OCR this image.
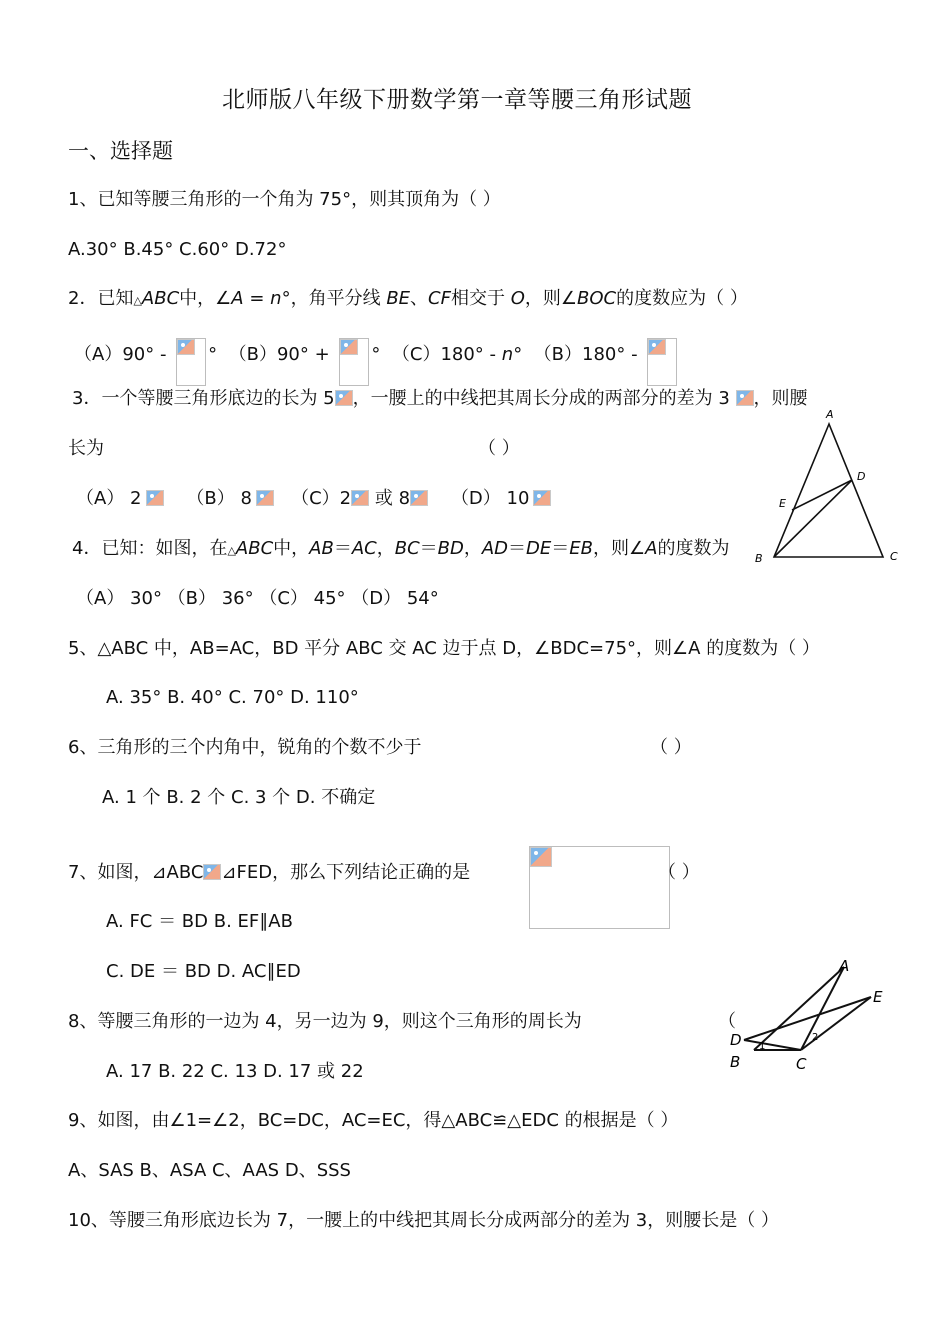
北师版八年级下册数学第一章等腰三角形试题
一、选择题
1、已知等腰三角形的一个角为 75°，则其顶角为（ ）
A.30° B.45° C.60° D.72°
2．已知△ABC中，∠A = n°，角平分线 BE、CF相交于 O，则∠BOC的度数应为（ ）
（A）90° - ° （B）90° + ° （C）180° - n° （B）180° -
3．一个等腰三角形底边的长为 5 ，一腰上的中线把其周长分成的两部分的差为 3 ，则腰
长为	（ ）
（A） 2 （B） 8 （C）2 或 8 （D） 10
A
D
E
B	C
4．已知：如图，在△ABC中，AB＝AC，BC＝BD，AD＝DE＝EB，则∠A的度数为
（A） 30° （B） 36° （C） 45° （D） 54°
5、△ABC 中，AB=AC，BD 平分 ABC 交 AC 边于点 D，∠BDC=75°，则∠A 的度数为（ ）
A. 35° B. 40° C. 70° D. 110°
6、三角形的三个内角中，锐角的个数不少于	（ ）
A. 1 个 B. 2 个 C. 3 个 D. 不确定
7、如图，⊿ABC ⊿FED，那么下列结论正确的是	（ ）
A. FC ＝ BD B. EF∥AB
C. DE ＝ BD D. AC∥ED	A
E
D
B	C
1
2
8、等腰三角形的一边为 4，另一边为 9，则这个三角形的周长为	（
A. 17 B. 22 C. 13 D. 17 或 22
9、如图，由∠1=∠2，BC=DC，AC=EC，得△ABC≌△EDC 的根据是（ ）
A、SAS B、ASA C、AAS D、SSS
10、等腰三角形底边长为 7，一腰上的中线把其周长分成两部分的差为 3，则腰长是（ ）
